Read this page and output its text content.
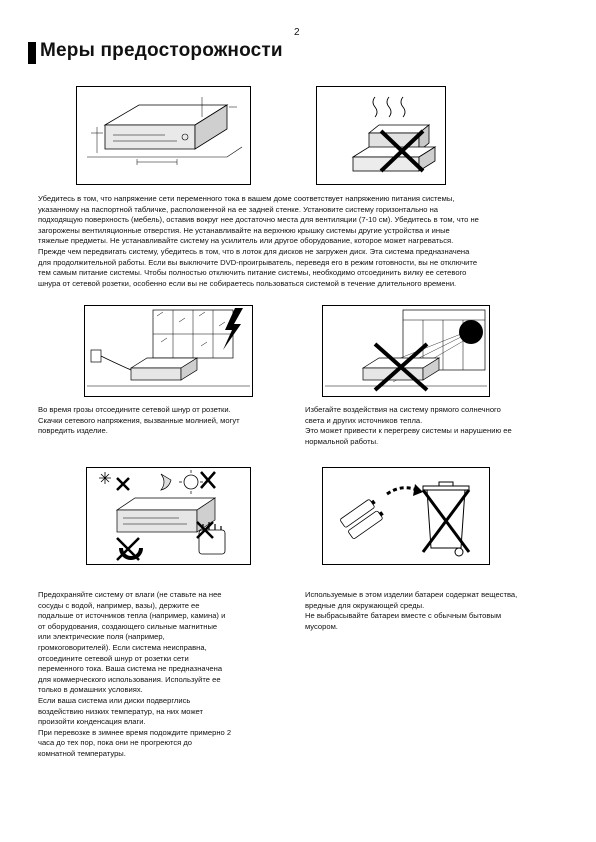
2
Меры предосторожности
Убедитесь в том, что напряжение сети переменного тока в вашем доме соответствует напряжению питания системы,
указанному на паспортной табличке, расположенной на ее задней стенке. Установите систему горизонтально на
подходящую поверхность (мебель), оставив вокруг нее достаточно места для вентиляции (7-10 см). Убедитесь в том, что не
загорожены вентиляционные отверстия. Не устанавливайте на верхнюю крышку системы другие устройства и иные
тяжелые предметы. Не устанавливайте систему на усилитель или другое оборудование, которое может нагреваться.
Прежде чем передвигать систему, убедитесь в том, что в лоток для дисков не загружен диск. Эта система предназначена
для продолжительной работы. Если вы выключите DVD-проигрыватель, переведя его в режим готовности, вы не отключите
тем самым питание системы. Чтобы полностью отключить питание системы, необходимо отсоединить вилку ее сетевого
шнура от сетевой розетки, особенно если вы не собираетесь пользоваться системой в течение длительного времени.
Во время грозы отсоедините сетевой шнур от розетки.
Скачки сетевого напряжения, вызванные молнией, могут
повредить изделие.
Избегайте воздействия на систему прямого солнечного
света и других источников тепла.
Это может привести к перегреву системы и нарушению ее
нормальной работы.
Предохраняйте систему от влаги (не ставьте на нее
сосуды с водой, например, вазы), держите ее
подальше от источников тепла (например, камина) и
от оборудования, создающего сильные магнитные
или электрические поля (например,
громкоговорителей). Если система неисправна,
отсоедините сетевой шнур от розетки сети
переменного тока. Ваша система не предназначена
для коммерческого использования. Используйте ее
только в домашних условиях.
Если ваша система или диски подверглись
воздействию низких температур, на них может
произойти конденсация влаги.
При перевозке в зимнее время подождите примерно 2
часа до тех пор, пока они не прогреются до
комнатной температуры.
Используемые в этом изделии батареи содержат вещества,
вредные для окружающей среды.
Не выбрасывайте батареи вместе с обычным бытовым
мусором.
